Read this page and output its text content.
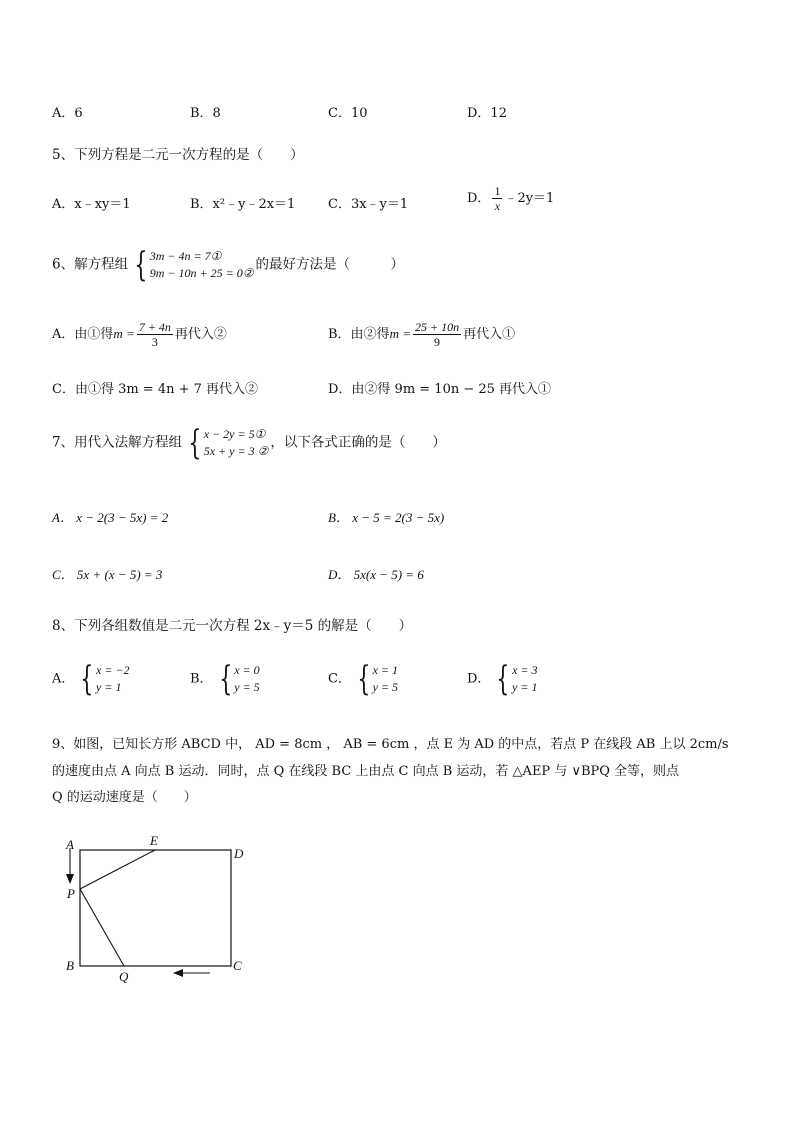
A．6	B．8	C．10	D．12
5、下列方程是二元一次方程的是（　　）
A．x﹣xy＝1	B．x²﹣y﹣2x＝1	C．3x﹣y＝1	D． $\frac{1}{x}$ ﹣2y＝1
6、解方程组 { 3m − 4n = 7①
9m − 10n + 25 = 0②
的最好方法是（　　　）
A．由①得$m = \frac{7 + 4n}{3}$ 再代入②	B．由②得$m = \frac{25 + 10n}{9}$ 再代入①
C．由①得 3m = 4n + 7 再代入②	D．由②得 9m = 10n − 25 再代入①
7、用代入法解方程组 { x − 2y = 5①
5x + y = 3 ②
，以下各式正确的是（　　）
A． x − 2(3 − 5x) = 2	B． x − 5 = 2(3 − 5x)
C． 5x + (x − 5) = 3	D． 5x(x − 5) = 6
8、下列各组数值是二元一次方程 2x﹣y＝5 的解是（　　）
A． { x = −2
y = 1
B． { x = 0
y = 5
C． { x = 1
y = 5
D． { x = 3
y = 1
9、如图，已知长方形 ABCD 中， AD = 8cm ， AB = 6cm ，点 E 为 AD 的中点，若点 P 在线段 AB 上以 2cm/s
的速度由点 A 向点 B 运动．同时，点 Q 在线段 BC 上由点 C 向点 B 运动，若 △AEP 与 ∨BPQ 全等，则点
Q 的运动速度是（　　）
A	E
D
P
B
Q
C
